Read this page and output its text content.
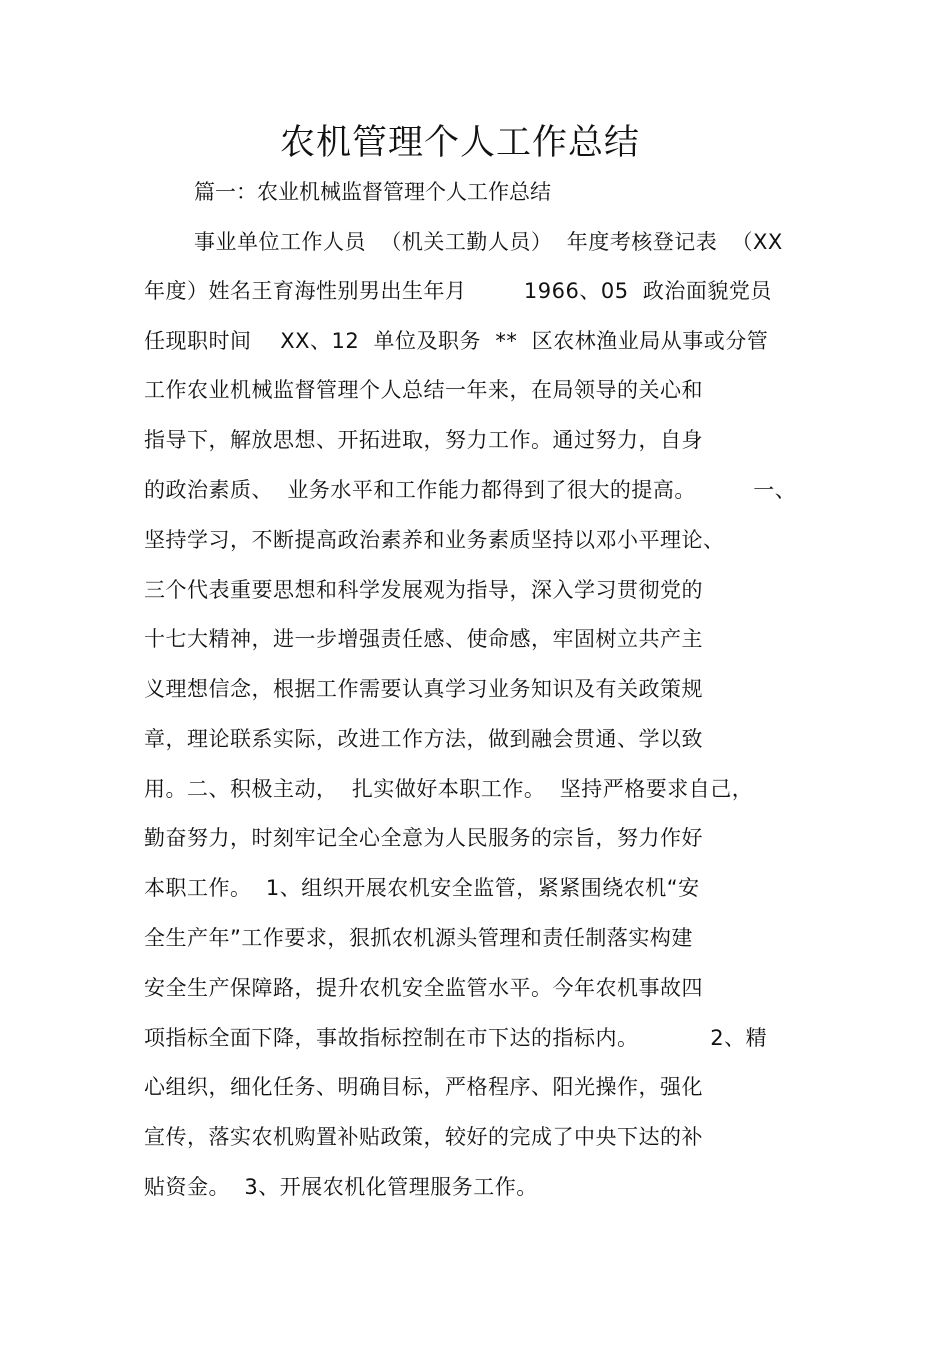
农机管理个人工作总结
篇一：农业机械监督管理个人工作总结
事业单位工作人员  （机关工勤人员）  年度考核登记表  （XX
年度）姓名王育海性别男出生年月        1966、05  政治面貌党员
任现职时间    XX、12  单位及职务  **  区农林渔业局从事或分管
工作农业机械监督管理个人总结一年来，在局领导的关心和
指导下，解放思想、开拓进取，努力工作。通过努力，自身
的政治素质、  业务水平和工作能力都得到了很大的提高。        一、
坚持学习，不断提高政治素养和业务素质坚持以邓小平理论、
三个代表重要思想和科学发展观为指导，深入学习贯彻党的
十七大精神，进一步增强责任感、使命感，牢固树立共产主
义理想信念，根据工作需要认真学习业务知识及有关政策规
章，理论联系实际，改进工作方法，做到融会贯通、学以致
用。二、积极主动，  扎实做好本职工作。  坚持严格要求自己，
勤奋努力，时刻牢记全心全意为人民服务的宗旨，努力作好
本职工作。  1、组织开展农机安全监管，紧紧围绕农机“安
全生产年”工作要求，狠抓农机源头管理和责任制落实构建
安全生产保障路，提升农机安全监管水平。今年农机事故四
项指标全面下降，事故指标控制在市下达的指标内。          2、精
心组织，细化任务、明确目标，严格程序、阳光操作，强化
宣传，落实农机购置补贴政策，较好的完成了中央下达的补
贴资金。  3、开展农机化管理服务工作。
